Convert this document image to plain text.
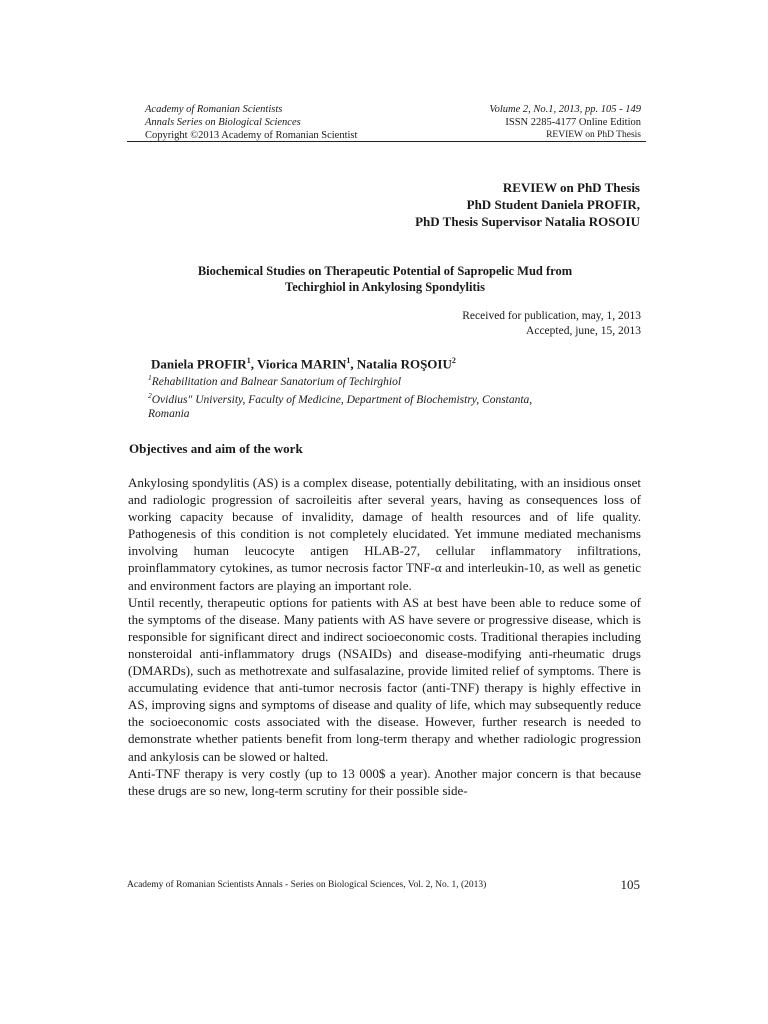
Academy of Romanian Scientists	Volume 2, No.1, 2013, pp. 105 - 149
Annals Series on Biological Sciences	ISSN 2285-4177 Online Edition
Copyright ©2013 Academy of Romanian Scientist	REVIEW on PhD Thesis
REVIEW on PhD Thesis
PhD Student Daniela PROFIR,
PhD Thesis Supervisor Natalia ROSOIU
Biochemical Studies on Therapeutic Potential of Sapropelic Mud from
Techirghiol in Ankylosing Spondylitis
Received for publication, may, 1, 2013
Accepted, june, 15, 2013
Daniela PROFIR$^1$, Viorica MARIN$^1$, Natalia ROŞOIU$^2$
$^1$Rehabilitation and Balnear Sanatorium of Techirghiol
$^2$Ovidius" University, Faculty of Medicine, Department of Biochemistry, Constanta,
Romania
Objectives and aim of the work

Ankylosing spondylitis (AS) is a complex disease, potentially debilitating, with an insidious onset and radiologic progression of sacroileitis after several years, having as consequences loss of working capacity because of invalidity, damage of health resources and of life quality. Pathogenesis of this condition is not completely elucidated. Yet immune mediated mechanisms involving human leucocyte antigen HLAB-27, cellular inflammatory infiltrations, proinflammatory cytokines, as tumor necrosis factor TNF-α and interleukin-10, as well as genetic and environment factors are playing an important role.

Until recently, therapeutic options for patients with AS at best have been able to reduce some of the symptoms of the disease. Many patients with AS have severe or progressive disease, which is responsible for significant direct and indirect socioeconomic costs. Traditional therapies including nonsteroidal anti-inflammatory drugs (NSAIDs) and disease-modifying anti-rheumatic drugs (DMARDs), such as methotrexate and sulfasalazine, provide limited relief of symptoms. There is accumulating evidence that anti-tumor necrosis factor (anti-TNF) therapy is highly effective in AS, improving signs and symptoms of disease and quality of life, which may subsequently reduce the socioeconomic costs associated with the disease. However, further research is needed to demonstrate whether patients benefit from long-term therapy and whether radiologic progression and ankylosis can be slowed or halted.

Anti-TNF therapy is very costly (up to 13 000$ a year). Another major concern is that because these drugs are so new, long-term scrutiny for their possible side-

Academy of Romanian Scientists Annals - Series on Biological Sciences, Vol. 2, No. 1, (2013)	105
